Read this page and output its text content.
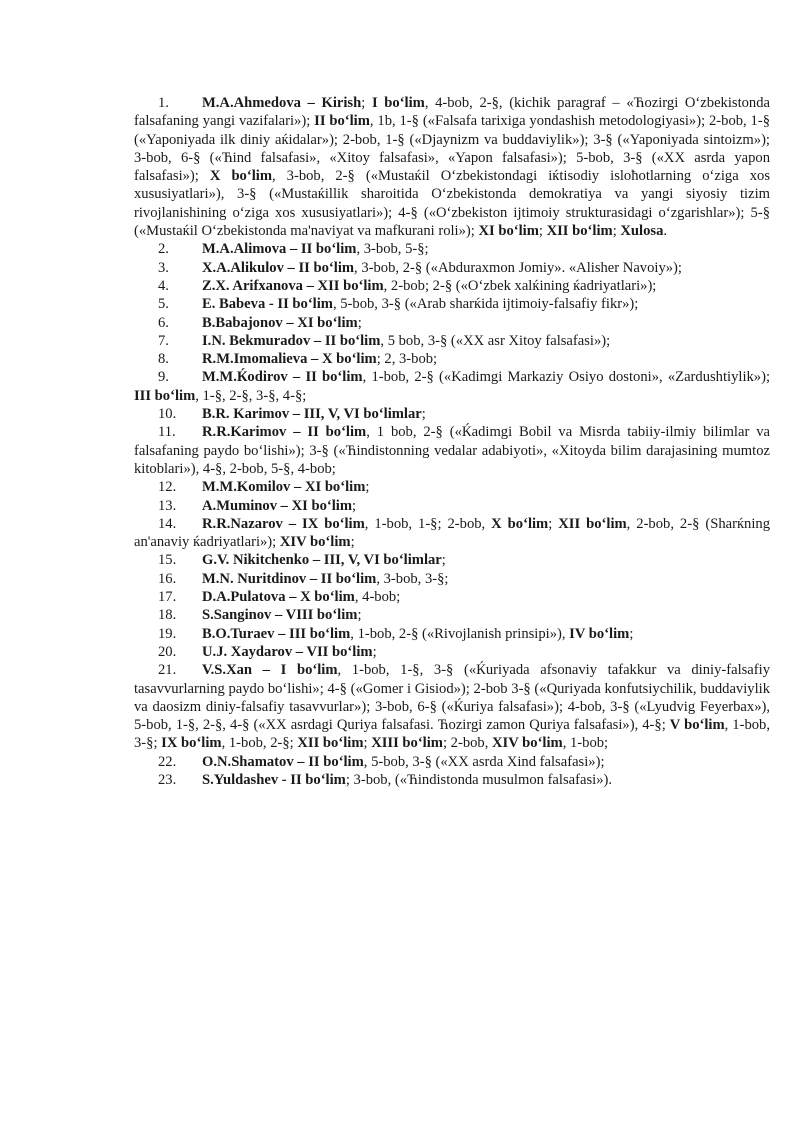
1. M.A.Ahmedova – Kirish; I bo‘lim, 4-bob, 2-§, (kichik paragraf – «Ћozirgi O‘zbekistonda falsafaning yangi vazifalari»); II bo‘lim, 1b, 1-§ («Falsafa tarixiga yondashish metodologiyasi»); 2-bob, 1-§ («Yaponiyada ilk diniy aќidalar»); 2-bob, 1-§ («Djaynizm va buddaviylik»); 3-§ («Yaponiyada sintoizm»); 3-bob, 6-§ («Ћind falsafasi», «Xitoy falsafasi», «Yapon falsafasi»); 5-bob, 3-§ («XX asrda yapon falsafasi»); X bo‘lim, 3-bob, 2-§ («Mustaќil O‘zbekistondagi iќtisodiy isloћotlarning o‘ziga xos xususiyatlari»), 3-§ («Mustaќillik sharoitida O‘zbekistonda demokratiya va yangi siyosiy tizim rivojlanishining o‘ziga xos xususiyatlari»); 4-§ («O‘zbekiston ijtimoiy strukturasidagi o‘zgarishlar»); 5-§ («Mustaќil O‘zbekistonda ma'naviyat va mafkurani roli»); XI bo‘lim; XII bo‘lim; Xulosa.

2. M.A.Alimova – II bo‘lim, 3-bob, 5-§;

3. X.A.Alikulov – II bo‘lim, 3-bob, 2-§ («Abduraxmon Jomiy». «Alisher Navoiy»);

4. Z.X. Arifxanova – XII bo‘lim, 2-bob; 2-§ («O‘zbek xalќining ќadriyatlari»);

5. E. Babeva - II bo‘lim, 5-bob, 3-§ («Arab sharќida ijtimoiy-falsafiy fikr»);

6. B.Babajonov – XI bo‘lim;

7. I.N. Bekmuradov – II bo‘lim, 5 bob, 3-§ («XX asr Xitoy falsafasi»);

8. R.M.Imomalieva – X bo‘lim; 2, 3-bob;

9. M.M.Ќodirov – II bo‘lim, 1-bob, 2-§ («Kadimgi Markaziy Osiyo dostoni», «Zardushtiylik»); III bo‘lim, 1-§, 2-§, 3-§, 4-§;

10. B.R. Karimov – III, V, VI bo‘limlar;

11. R.R.Karimov – II bo‘lim, 1 bob, 2-§ («Ќadimgi Bobil va Misrda tabiiy-ilmiy bilimlar va falsafaning paydo bo‘lishi»); 3-§ («Ћindistonning vedalar adabiyoti», «Xitoyda bilim darajasining mumtoz kitoblari»), 4-§, 2-bob, 5-§, 4-bob;

12. M.M.Komilov – XI bo‘lim;

13. A.Muminov – XI bo‘lim;

14. R.R.Nazarov – IX bo‘lim, 1-bob, 1-§; 2-bob, X bo‘lim; XII bo‘lim, 2-bob, 2-§ (Sharќning an'anaviy ќadriyatlari»); XIV bo‘lim;

15. G.V. Nikitchenko – III, V, VI bo‘limlar;

16. M.N. Nuritdinov – II bo‘lim, 3-bob, 3-§;

17. D.A.Pulatova – X bo‘lim, 4-bob;

18. S.Sanginov – VIII bo‘lim;

19. B.O.Turaev – III bo‘lim, 1-bob, 2-§ («Rivojlanish prinsipi»), IV bo‘lim;

20. U.J. Xaydarov – VII bo‘lim;

21. V.S.Xan – I bo‘lim, 1-bob, 1-§, 3-§ («Ќuriyada afsonaviy tafakkur va diniy-falsafiy tasavvurlarning paydo bo‘lishi»; 4-§ («Gomer i Gisiod»); 2-bob 3-§ («Quriyada konfutsiychilik, buddaviylik va daosizm diniy-falsafiy tasavvurlar»); 3-bob, 6-§ («Ќuriya falsafasi»); 4-bob, 3-§ («Lyudvig Feyerbax»), 5-bob, 1-§, 2-§, 4-§ («XX asrdagi Quriya falsafasi. Ћozirgi zamon Quriya falsafasi»), 4-§; V bo‘lim, 1-bob, 3-§; IX bo‘lim, 1-bob, 2-§; XII bo‘lim; XIII bo‘lim; 2-bob, XIV bo‘lim, 1-bob;

22. O.N.Shamatov – II bo‘lim, 5-bob, 3-§ («XX asrda Xind falsafasi»);

23. S.Yuldashev - II bo‘lim; 3-bob, («Ћindistonda musulmon falsafasi»).
